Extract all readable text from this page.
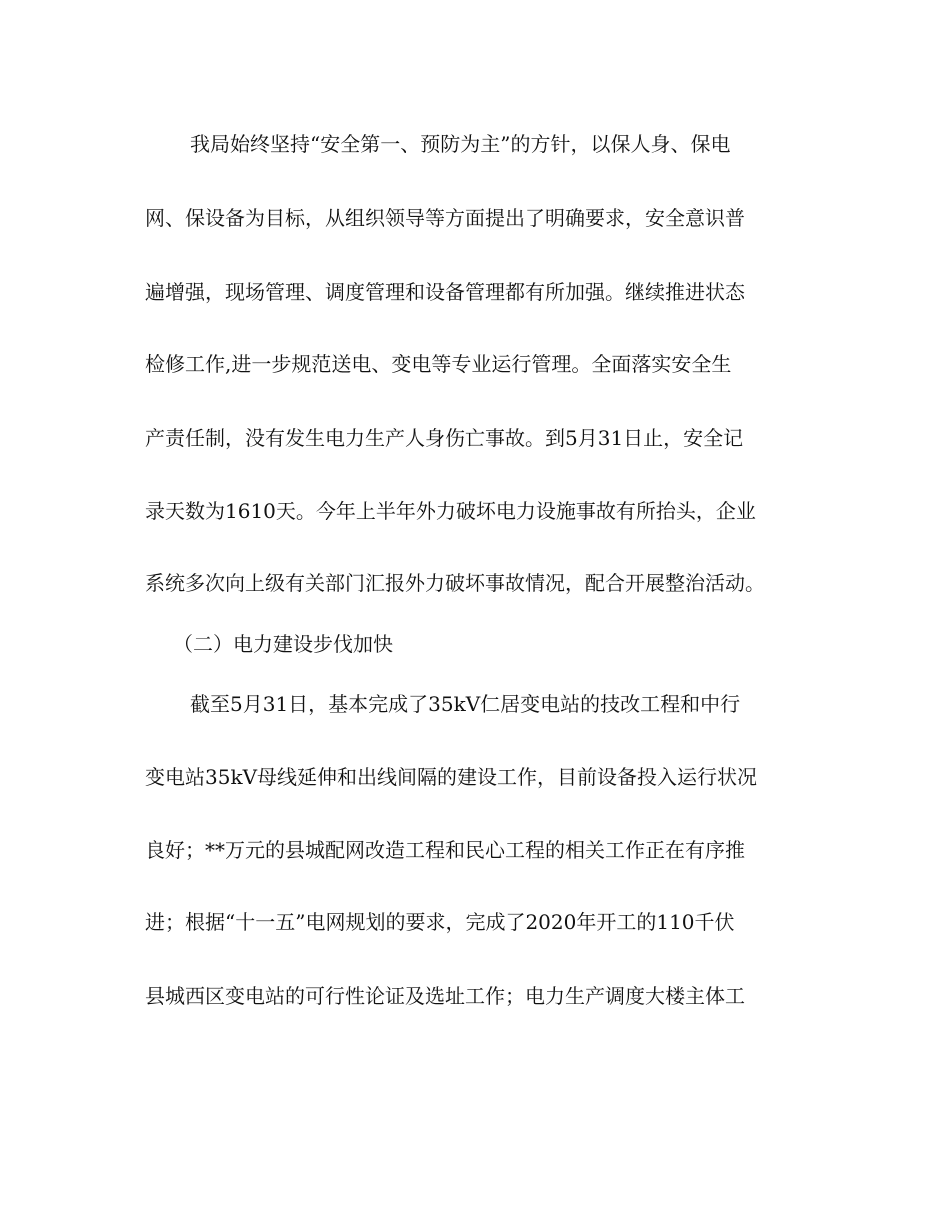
我局始终坚持“安全第一、预防为主”的方针，以保人身、保电
网、保设备为目标，从组织领导等方面提出了明确要求，安全意识普
遍增强，现场管理、调度管理和设备管理都有所加强。继续推进状态
检修工作,进一步规范送电、变电等专业运行管理。全面落实安全生
产责任制，没有发生电力生产人身伤亡事故。到5月31日止，安全记
录天数为1610天。今年上半年外力破坏电力设施事故有所抬头，企业
系统多次向上级有关部门汇报外力破坏事故情况，配合开展整治活动。
（二）电力建设步伐加快
截至5月31日，基本完成了35kV仁居变电站的技改工程和中行
变电站35kV母线延伸和出线间隔的建设工作，目前设备投入运行状况
良好；**万元的县城配网改造工程和民心工程的相关工作正在有序推
进；根据“十一五”电网规划的要求，完成了2020年开工的110千伏
县城西区变电站的可行性论证及选址工作；电力生产调度大楼主体工
